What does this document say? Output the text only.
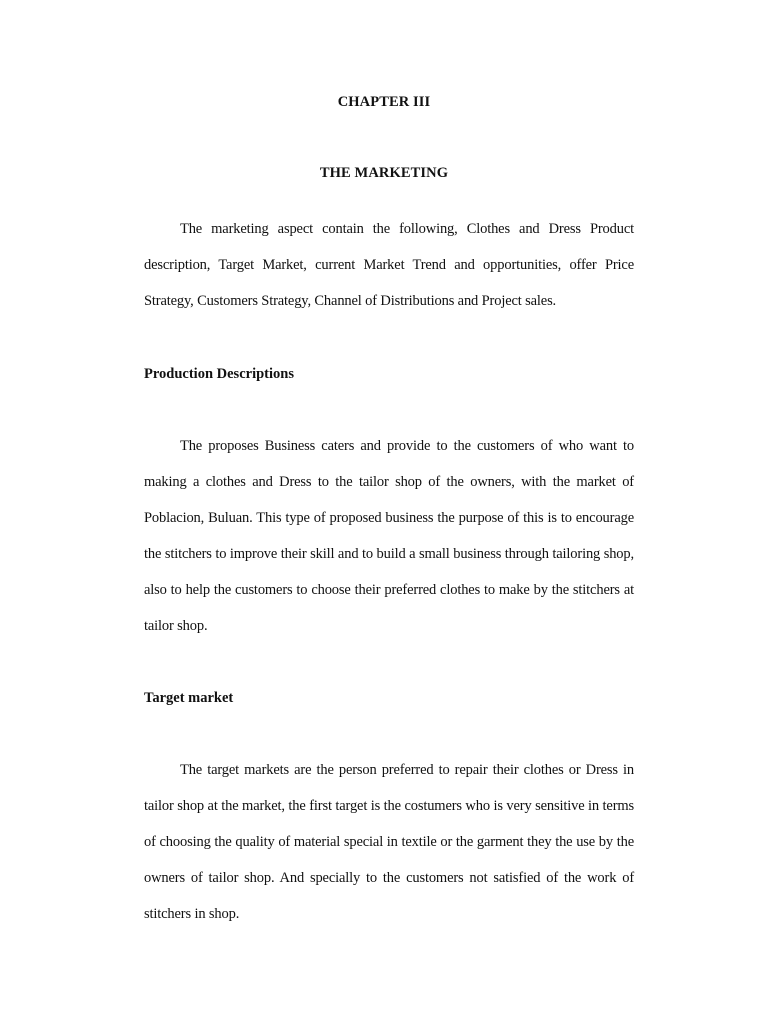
CHAPTER III
THE MARKETING

The marketing aspect contain the following, Clothes and Dress Product description, Target Market, current Market Trend and opportunities, offer Price Strategy, Customers Strategy, Channel of Distributions and Project sales.

Production Descriptions

The proposes Business caters and provide to the customers of who want to making a clothes and Dress to the tailor shop of the owners, with the market of Poblacion, Buluan. This type of proposed business the purpose of this is to encourage the stitchers to improve their skill and to build a small business through tailoring shop, also to help the customers to choose their preferred clothes to make by the stitchers at tailor shop.

Target market

The target markets are the person preferred to repair their clothes or Dress in tailor shop at the market, the first target is the costumers who is very sensitive in terms of choosing the quality of material special in textile or the garment they the use by the owners of tailor shop. And specially to the customers not satisfied of the work of stitchers in shop.
